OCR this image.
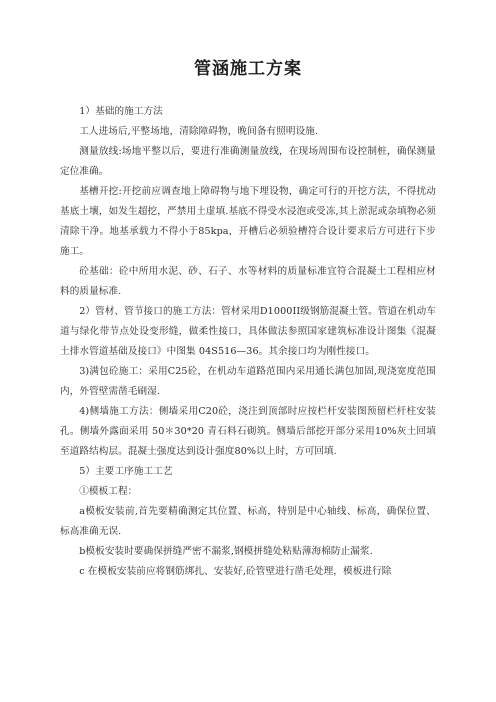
管涵施工方案

1）基础的施工方法

工人进场后,平整场地，清除障碍物，晚间备有照明设施.

测量放线:场地平整以后，要进行准确测量放线，在现场周围布设控制桩，确保测量定位准确。

基槽开挖:开挖前应调查地上障碍物与地下埋设物，确定可行的开挖方法，不得扰动基底土壤，如发生超挖，严禁用土虚填.基底不得受水浸泡或受冻,其上淤泥或杂填物必须清除干净。地基承载力不得小于85kpa，开槽后必须验槽符合设计要求后方可进行下步施工。

砼基础：砼中所用水泥、砂、石子、水等材料的质量标准宜符合混凝土工程相应材料的质量标准.

2）管材、管节接口的施工方法：管材采用D1000II级钢筋混凝土管。管道在机动车道与绿化带节点处设变形缝，做柔性接口，具体做法参照国家建筑标准设计图集《混凝土排水管道基础及接口》中图集 04S516—36。其余接口均为刚性接口。

3)满包砼施工：采用C25砼，在机动车道路范围内采用通长满包加固,现浇宽度范围内，外管壁需凿毛刷湿.

4)侧墙施工方法：侧墙采用C20砼，浇注到顶部时应按栏杆安装图预留栏杆柱安装孔。侧墙外露面采用 50＊30*20 青石料石砌筑。侧墙后部挖开部分采用10%灰土回填至道路结构层。混凝土强度达到设计强度80%以上时，方可回填.

5）主要工序施工工艺

①模板工程：

a模板安装前,首先要精确测定其位置、标高，特别是中心轴线、标高，确保位置、标高准确无误.

b模板安装时要确保拼缝严密不漏浆,钢模拼缝处粘贴薄海棉防止漏浆.

c 在模板安装前应将钢筋绑扎、安装好,砼管壁进行凿毛处理，模板进行除
